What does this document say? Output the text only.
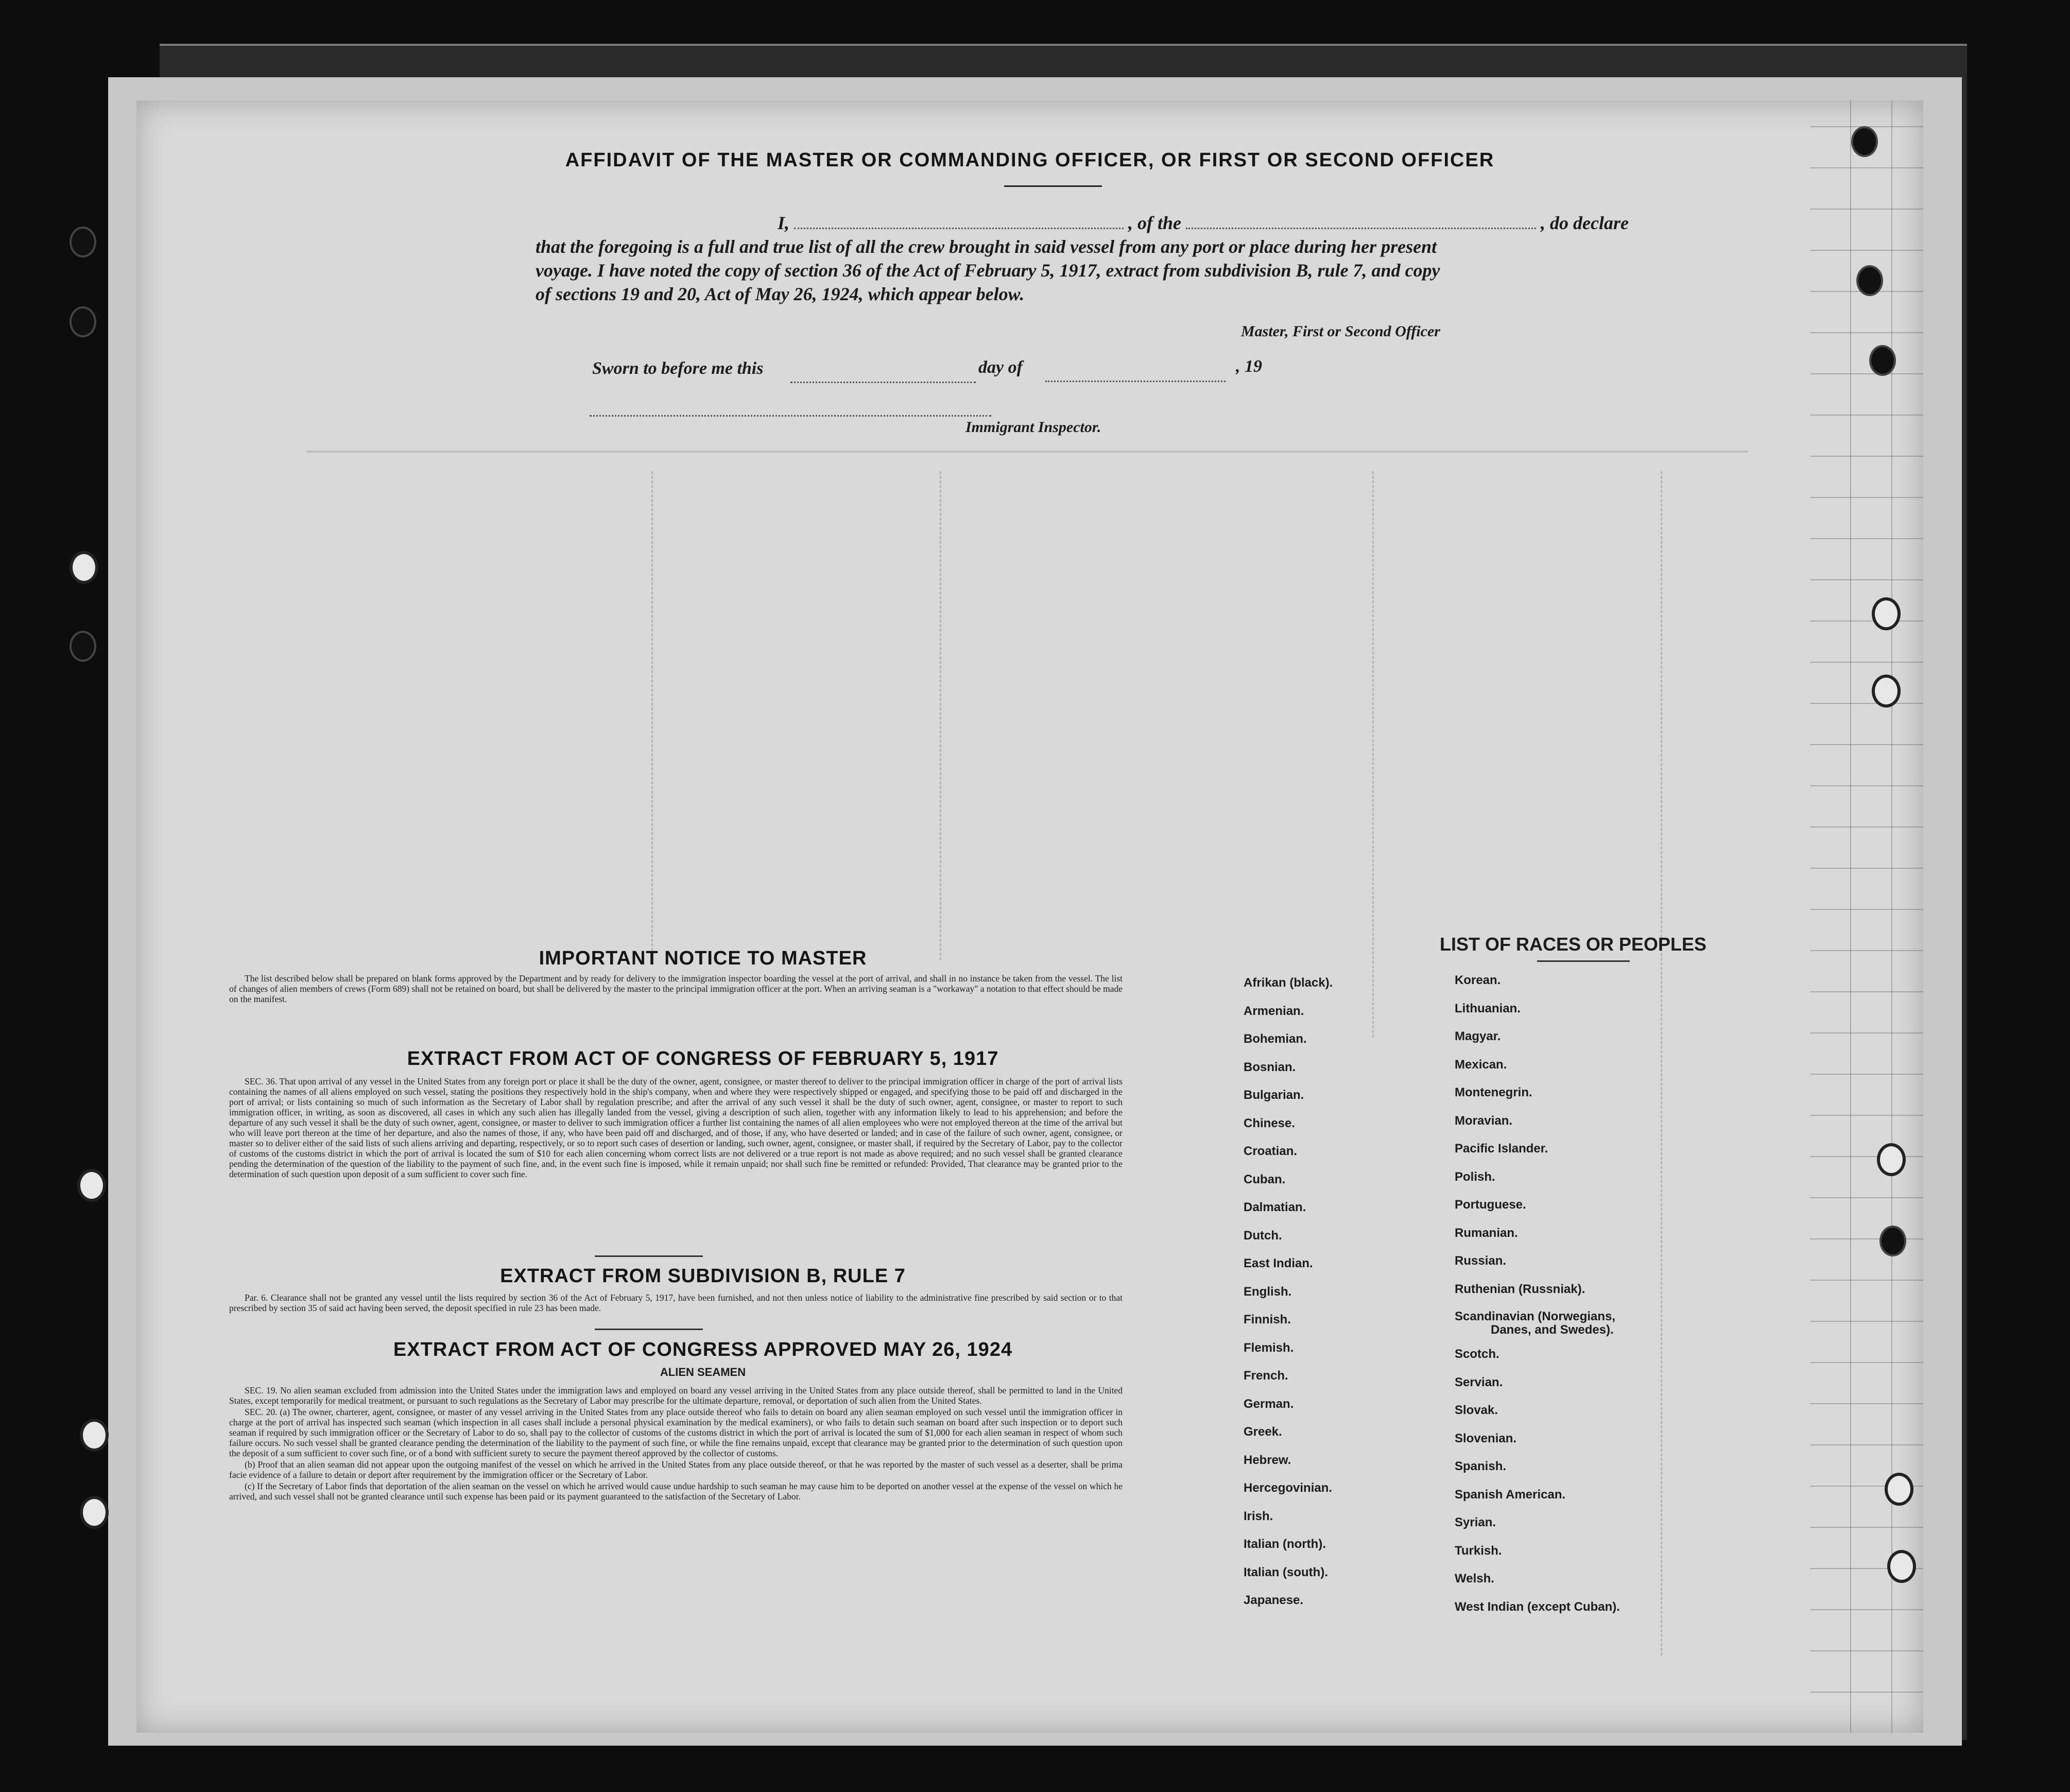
AFFIDAVIT OF THE MASTER OR COMMANDING OFFICER, OR FIRST OR SECOND OFFICER
I,	, of the	, do declare
that the foregoing is a full and true list of all the crew brought in said vessel from any port or place during her present
voyage. I have noted the copy of section 36 of the Act of February 5, 1917, extract from subdivision B, rule 7, and copy
of sections 19 and 20, Act of May 26, 1924, which appear below.
Master, First or Second Officer
Sworn to before me this
	day of
	, 19

Immigrant Inspector.
IMPORTANT NOTICE TO MASTER

The list described below shall be prepared on blank forms approved by the Department and by ready for delivery to the immigration inspector boarding the vessel at the port of arrival, and shall in no instance be taken from the vessel. The list of changes of alien members of crews (Form 689) shall not be retained on board, but shall be delivered by the master to the principal immigration officer at the port. When an arriving seaman is a "workaway" a notation to that effect should be made on the manifest.

EXTRACT FROM ACT OF CONGRESS OF FEBRUARY 5, 1917

SEC. 36. That upon arrival of any vessel in the United States from any foreign port or place it shall be the duty of the owner, agent, consignee, or master thereof to deliver to the principal immigration officer in charge of the port of arrival lists containing the names of all aliens employed on such vessel, stating the positions they respectively hold in the ship's company, when and where they were respectively shipped or engaged, and specifying those to be paid off and discharged in the port of arrival; or lists containing so much of such information as the Secretary of Labor shall by regulation prescribe; and after the arrival of any such vessel it shall be the duty of such owner, agent, consignee, or master to report to such immigration officer, in writing, as soon as discovered, all cases in which any such alien has illegally landed from the vessel, giving a description of such alien, together with any information likely to lead to his apprehension; and before the departure of any such vessel it shall be the duty of such owner, agent, consignee, or master to deliver to such immigration officer a further list containing the names of all alien employees who were not employed thereon at the time of the arrival but who will leave port thereon at the time of her departure, and also the names of those, if any, who have been paid off and discharged, and of those, if any, who have deserted or landed; and in case of the failure of such owner, agent, consignee, or master so to deliver either of the said lists of such aliens arriving and departing, respectively, or so to report such cases of desertion or landing, such owner, agent, consignee, or master shall, if required by the Secretary of Labor, pay to the collector of customs of the customs district in which the port of arrival is located the sum of $10 for each alien concerning whom correct lists are not delivered or a true report is not made as above required; and no such vessel shall be granted clearance pending the determination of the question of the liability to the payment of such fine, and, in the event such fine is imposed, while it remain unpaid; nor shall such fine be remitted or refunded: Provided, That clearance may be granted prior to the determination of such question upon deposit of a sum sufficient to cover such fine.

EXTRACT FROM SUBDIVISION B, RULE 7

Par. 6. Clearance shall not be granted any vessel until the lists required by section 36 of the Act of February 5, 1917, have been furnished, and not then unless notice of liability to the administrative fine prescribed by said section or to that prescribed by section 35 of said act having been served, the deposit specified in rule 23 has been made.

EXTRACT FROM ACT OF CONGRESS APPROVED MAY 26, 1924
ALIEN SEAMEN

SEC. 19. No alien seaman excluded from admission into the United States under the immigration laws and employed on board any vessel arriving in the United States from any place outside thereof, shall be permitted to land in the United States, except temporarily for medical treatment, or pursuant to such regulations as the Secretary of Labor may prescribe for the ultimate departure, removal, or deportation of such alien from the United States.

SEC. 20. (a) The owner, charterer, agent, consignee, or master of any vessel arriving in the United States from any place outside thereof who fails to detain on board any alien seaman employed on such vessel until the immigration officer in charge at the port of arrival has inspected such seaman (which inspection in all cases shall include a personal physical examination by the medical examiners), or who fails to detain such seaman on board after such inspection or to deport such seaman if required by such immigration officer or the Secretary of Labor to do so, shall pay to the collector of customs of the customs district in which the port of arrival is located the sum of $1,000 for each alien seaman in respect of whom such failure occurs. No such vessel shall be granted clearance pending the determination of the liability to the payment of such fine, or while the fine remains unpaid, except that clearance may be granted prior to the determination of such question upon the deposit of a sum sufficient to cover such fine, or of a bond with sufficient surety to secure the payment thereof approved by the collector of customs.

(b) Proof that an alien seaman did not appear upon the outgoing manifest of the vessel on which he arrived in the United States from any place outside thereof, or that he was reported by the master of such vessel as a deserter, shall be prima facie evidence of a failure to detain or deport after requirement by the immigration officer or the Secretary of Labor.

(c) If the Secretary of Labor finds that deportation of the alien seaman on the vessel on which he arrived would cause undue hardship to such seaman he may cause him to be deported on another vessel at the expense of the vessel on which he arrived, and such vessel shall not be granted clearance until such expense has been paid or its payment guaranteed to the satisfaction of the Secretary of Labor.

LIST OF RACES OR PEOPLES
Afrikan (black).
Armenian.
Bohemian.
Bosnian.
Bulgarian.
Chinese.
Croatian.
Cuban.
Dalmatian.
Dutch.
East Indian.
English.
Finnish.
Flemish.
French.
German.
Greek.
Hebrew.
Hercegovinian.
Irish.
Italian (north).
Italian (south).
Japanese.
Korean.
Lithuanian.
Magyar.
Mexican.
Montenegrin.
Moravian.
Pacific Islander.
Polish.
Portuguese.
Rumanian.
Russian.
Ruthenian (Russniak).
Scandinavian (Norwegians,
Danes, and Swedes).
Scotch.
Servian.
Slovak.
Slovenian.
Spanish.
Spanish American.
Syrian.
Turkish.
Welsh.
West Indian (except Cuban).
